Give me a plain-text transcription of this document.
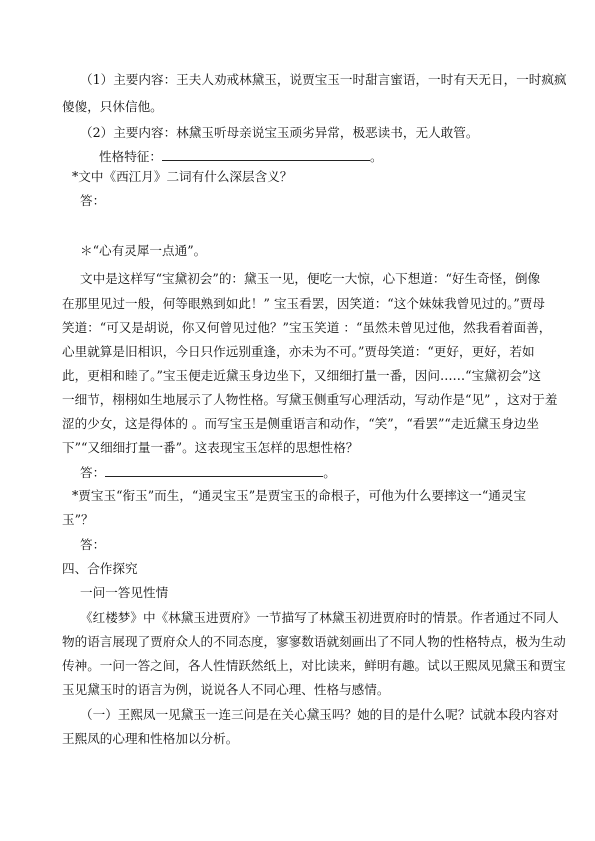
（1）主要内容：王夫人劝戒林黛玉，说贾宝玉一时甜言蜜语，一时有天无日，一时疯疯
傻傻，只休信他。
（2）主要内容：林黛玉听母亲说宝玉顽劣异常，极恶读书，无人敢管。
性格特征：	。
*文中《西江月》二词有什么深层含义？
答：
＊“心有灵犀一点通”。
文中是这样写“宝黛初会”的：黛玉一见，便吃一大惊，心下想道：“好生奇怪，倒像
在那里见过一般，何等眼熟到如此！” 宝玉看罢，因笑道：“这个妹妹我曾见过的。”贾母
笑道：“可又是胡说，你又何曾见过他？”宝玉笑道 ：“虽然未曾见过他，然我看着面善，
心里就算是旧相识，今日只作远别重逢，亦未为不可。”贾母笑道：“更好，更好，若如
此，更相和睦了。”宝玉便走近黛玉身边坐下，又细细打量一番，因问……“宝黛初会”这
一细节，栩栩如生地展示了人物性格。写黛玉侧重写心理活动，写动作是“见” ，这对于羞
涩的少女，这是得体的 。而写宝玉是侧重语言和动作，“笑”，“看罢”“走近黛玉身边坐
下”“又细细打量一番”。这表现宝玉怎样的思想性格？
答：	。
*贾宝玉“衔玉”而生，“通灵宝玉”是贾宝玉的命根子，可他为什么要摔这一“通灵宝
玉”？
答：
四、合作探究
一问一答见性情
《红楼梦》中《林黛玉进贾府》一节描写了林黛玉初进贾府时的情景。作者通过不同人
物的语言展现了贾府众人的不同态度，寥寥数语就刻画出了不同人物的性格特点，极为生动
传神。一问一答之间，各人性情跃然纸上，对比读来，鲜明有趣。试以王熙凤见黛玉和贾宝
玉见黛玉时的语言为例，说说各人不同心理、性格与感情。
（一）王熙凤一见黛玉一连三问是在关心黛玉吗？她的目的是什么呢？试就本段内容对
王熙凤的心理和性格加以分析。
